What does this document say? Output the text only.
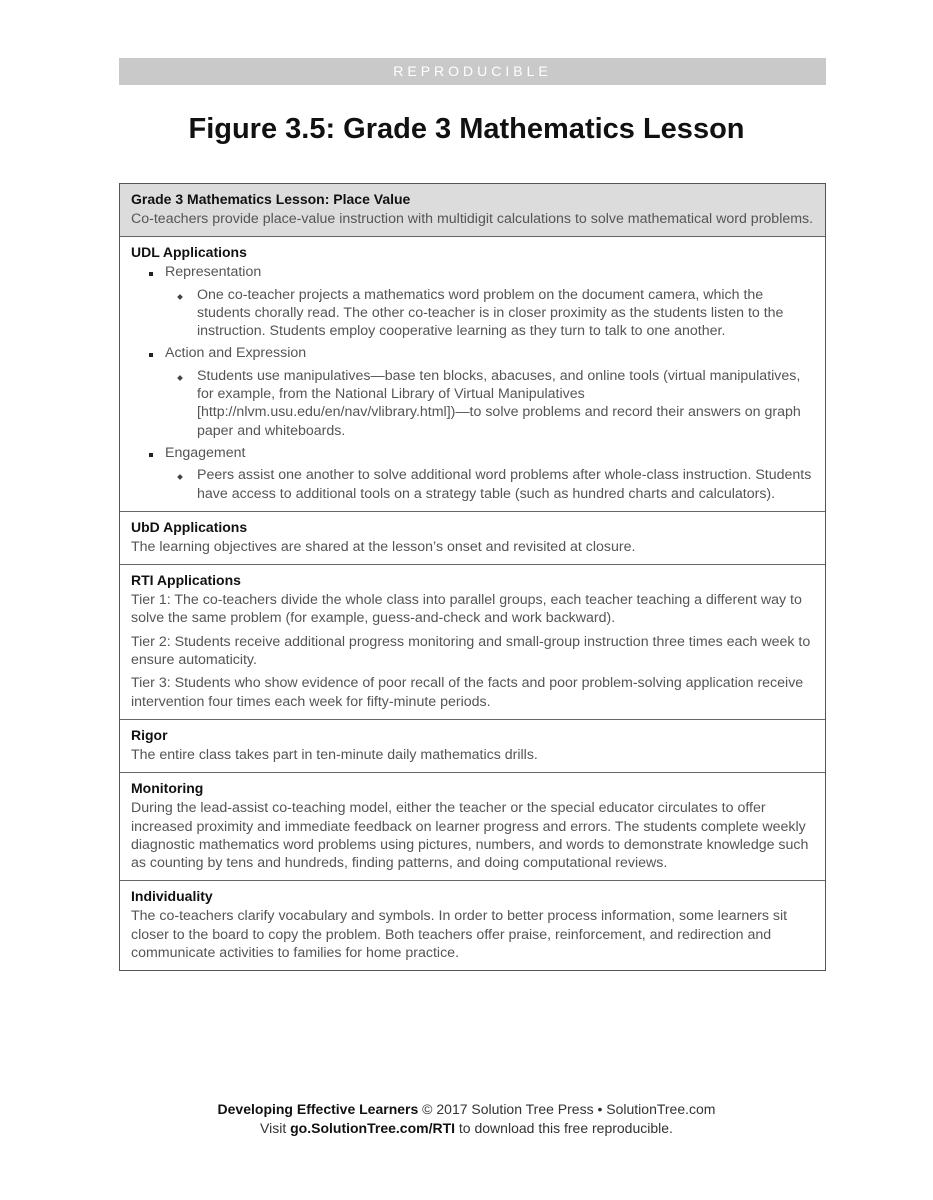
REPRODUCIBLE
Figure 3.5: Grade 3 Mathematics Lesson
Grade 3 Mathematics Lesson: Place Value
Co-teachers provide place-value instruction with multidigit calculations to solve mathematical word problems.
UDL Applications
Representation
One co-teacher projects a mathematics word problem on the document camera, which the students chorally read. The other co-teacher is in closer proximity as the students listen to the instruction. Students employ cooperative learning as they turn to talk to one another.
Action and Expression
Students use manipulatives—base ten blocks, abacuses, and online tools (virtual manipulatives, for example, from the National Library of Virtual Manipulatives [http://nlvm.usu.edu/en/nav/vlibrary.html])—to solve problems and record their answers on graph paper and whiteboards.
Engagement
Peers assist one another to solve additional word problems after whole-class instruction. Students have access to additional tools on a strategy table (such as hundred charts and calculators).
UbD Applications
The learning objectives are shared at the lesson’s onset and revisited at closure.
RTI Applications
Tier 1: The co-teachers divide the whole class into parallel groups, each teacher teaching a different way to solve the same problem (for example, guess-and-check and work backward).
Tier 2: Students receive additional progress monitoring and small-group instruction three times each week to ensure automaticity.
Tier 3: Students who show evidence of poor recall of the facts and poor problem-solving application receive intervention four times each week for fifty-minute periods.
Rigor
The entire class takes part in ten-minute daily mathematics drills.
Monitoring
During the lead-assist co-teaching model, either the teacher or the special educator circulates to offer increased proximity and immediate feedback on learner progress and errors. The students complete weekly diagnostic mathematics word problems using pictures, numbers, and words to demonstrate knowledge such as counting by tens and hundreds, finding patterns, and doing computational reviews.
Individuality
The co-teachers clarify vocabulary and symbols. In order to better process information, some learners sit closer to the board to copy the problem. Both teachers offer praise, reinforcement, and redirection and communicate activities to families for home practice.
Developing Effective Learners © 2017 Solution Tree Press • SolutionTree.com
Visit go.SolutionTree.com/RTI to download this free reproducible.
